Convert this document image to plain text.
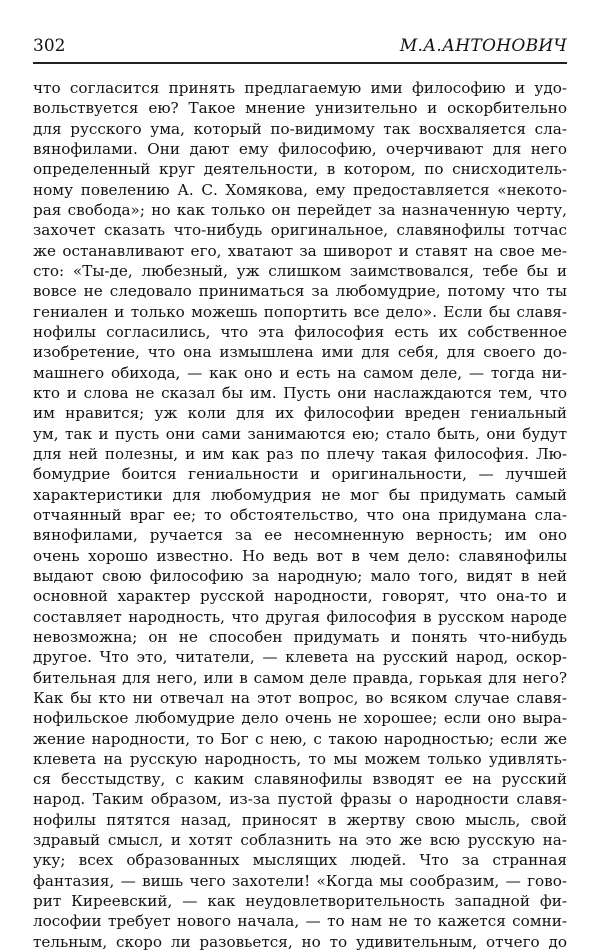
302	М.А.АНТОНОВИЧ
что согласится принять предлагаемую ими философию и удо-
вольствуется ею? Такое мнение унизительно и оскорбительно
для русского ума, который по-видимому так восхваляется сла-
вянофилами. Они дают ему философию, очерчивают для него
определенный круг деятельности, в котором, по снисходитель-
ному повелению А. С. Хомякова, ему предоставляется «некото-
рая свобода»; но как только он перейдет за назначенную черту,
захочет сказать что-нибудь оригинальное, славянофилы тотчас
же останавливают его, хватают за шиворот и ставят на свое ме-
сто: «Ты-де, любезный, уж слишком заимствовался, тебе бы и
вовсе не следовало приниматься за любомудрие, потому что ты
гениален и только можешь попортить все дело». Если бы славя-
нофилы согласились, что эта философия есть их собственное
изобретение, что она измышлена ими для себя, для своего до-
машнего обихода, — как оно и есть на самом деле, — тогда ни-
кто и слова не сказал бы им. Пусть они наслаждаются тем, что
им нравится; уж коли для их философии вреден гениальный
ум, так и пусть они сами занимаются ею; стало быть, они будут
для ней полезны, и им как раз по плечу такая философия. Лю-
бомудрие боится гениальности и оригинальности, — лучшей
характеристики для любомудрия не мог бы придумать самый
отчаянный враг ее; то обстоятельство, что она придумана сла-
вянофилами, ручается за ее несомненную верность; им оно
очень хорошо известно. Но ведь вот в чем дело: славянофилы
выдают свою философию за народную; мало того, видят в ней
основной характер русской народности, говорят, что она-то и
составляет народность, что другая философия в русском народе
невозможна; он не способен придумать и понять что-нибудь
другое. Что это, читатели, — клевета на русский народ, оскор-
бительная для него, или в самом деле правда, горькая для него?
Как бы кто ни отвечал на этот вопрос, во всяком случае славя-
нофильское любомудрие дело очень не хорошее; если оно выра-
жение народности, то Бог с нею, с такою народностью; если же
клевета на русскую народность, то мы можем только удивлять-
ся бесстыдству, с каким славянофилы взводят ее на русский
народ. Таким образом, из-за пустой фразы о народности славя-
нофилы пятятся назад, приносят в жертву свою мысль, свой
здравый смысл, и хотят соблазнить на это же всю русскую на-
уку; всех образованных мыслящих людей. Что за странная
фантазия, — вишь чего захотели! «Когда мы сообразим, — гово-
рит Киреевский, — как неудовлетворительность западной фи-
лософии требует нового начала, — то нам не то кажется сомни-
тельным, скоро ли разовьется, но то удивительным, отчего до
